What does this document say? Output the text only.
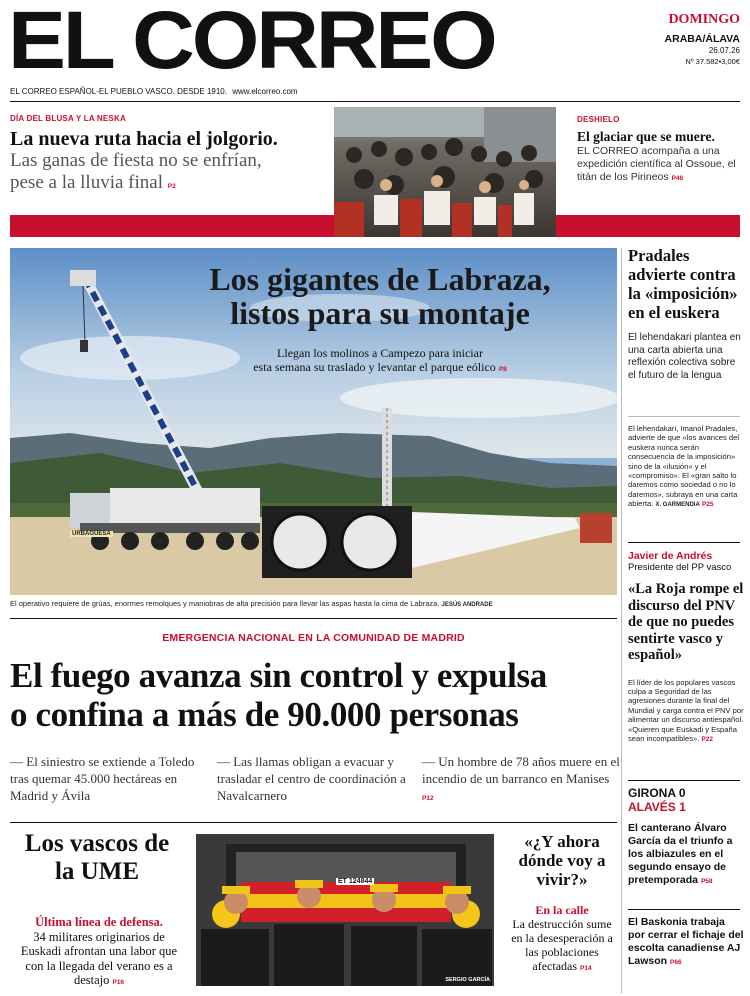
EL CORREO	DOMINGO
ARABA/ÁLAVA
26.07.26
Nº 37.582•3,00€
EL CORREO ESPAÑOL-EL PUEBLO VASCO. DESDE 1910. www.elcorreo.com
DÍA DEL BLUSA Y LA NESKA
La nueva ruta hacia el jolgorio.
Las ganas de fiesta no se enfrían, pese a la lluvia final P2
DESHIELO
El glaciar que se muere.
EL CORREO acompaña a una expedición científica al Ossoue, el titán de los Pirineos P46
URBAGÜESA
Los gigantes de Labraza,
listos para su montaje
Llegan los molinos a Campezo para iniciar
esta semana su traslado y levantar el parque eólico P8
El operativo requiere de grúas, enormes remolques y maniobras de alta precisión para llevar las aspas hasta la cima de Labraza. JESÚS ANDRADE
EMERGENCIA NACIONAL EN LA COMUNIDAD DE MADRID
El fuego avanza sin control y expulsa
o confina a más de 90.000 personas
— El siniestro se extiende a Toledo tras quemar 45.000 hectáreas en Madrid y Ávila
— Las llamas obligan a evacuar y trasladar el centro de coordinación a Navalcarnero
— Un hombre de 78 años muere en el incendio de un barranco en Manises P12
Los vascos de la UME
Última línea de defensa.
34 militares originarios de Euskadi afrontan una labor que con la llegada del verano es a destajo P16
ET 124844
SERGIO GARCÍA
«¿Y ahora dónde voy a vivir?»
En la calle
La destrucción sume en la desesperación a las poblaciones afectadas P14
Pradales advierte contra la «imposición» en el euskera
El lehendakari plantea en una carta abierta una reflexión colectiva sobre el futuro de la lengua
El lehendakari, Imanol Pradales, advierte de que «los avances del euskera nunca serán consecuencia de la imposición» sino de la «ilusión» y el «compromiso». El «gran salto lo daremos como sociedad o no lo daremos», subraya en una carta abierta. X. GARMENDIA P25
Javier de Andrés
Presidente del PP vasco
«La Roja rompe el discurso del PNV de que no puedes sentirte vasco y español»
El líder de los populares vascos culpa a Seguridad de las agresiones durante la final del Mundial y carga contra el PNV por alimentar un discurso antiespañol. «Quieren que Euskadi y España sean incompatibles». P22
GIRONA 0
ALAVÉS 1
El canterano Álvaro García da el triunfo a los albiazules en el segundo ensayo de pretemporada P58
El Baskonia trabaja por cerrar el fichaje del escolta canadiense AJ Lawson P66
